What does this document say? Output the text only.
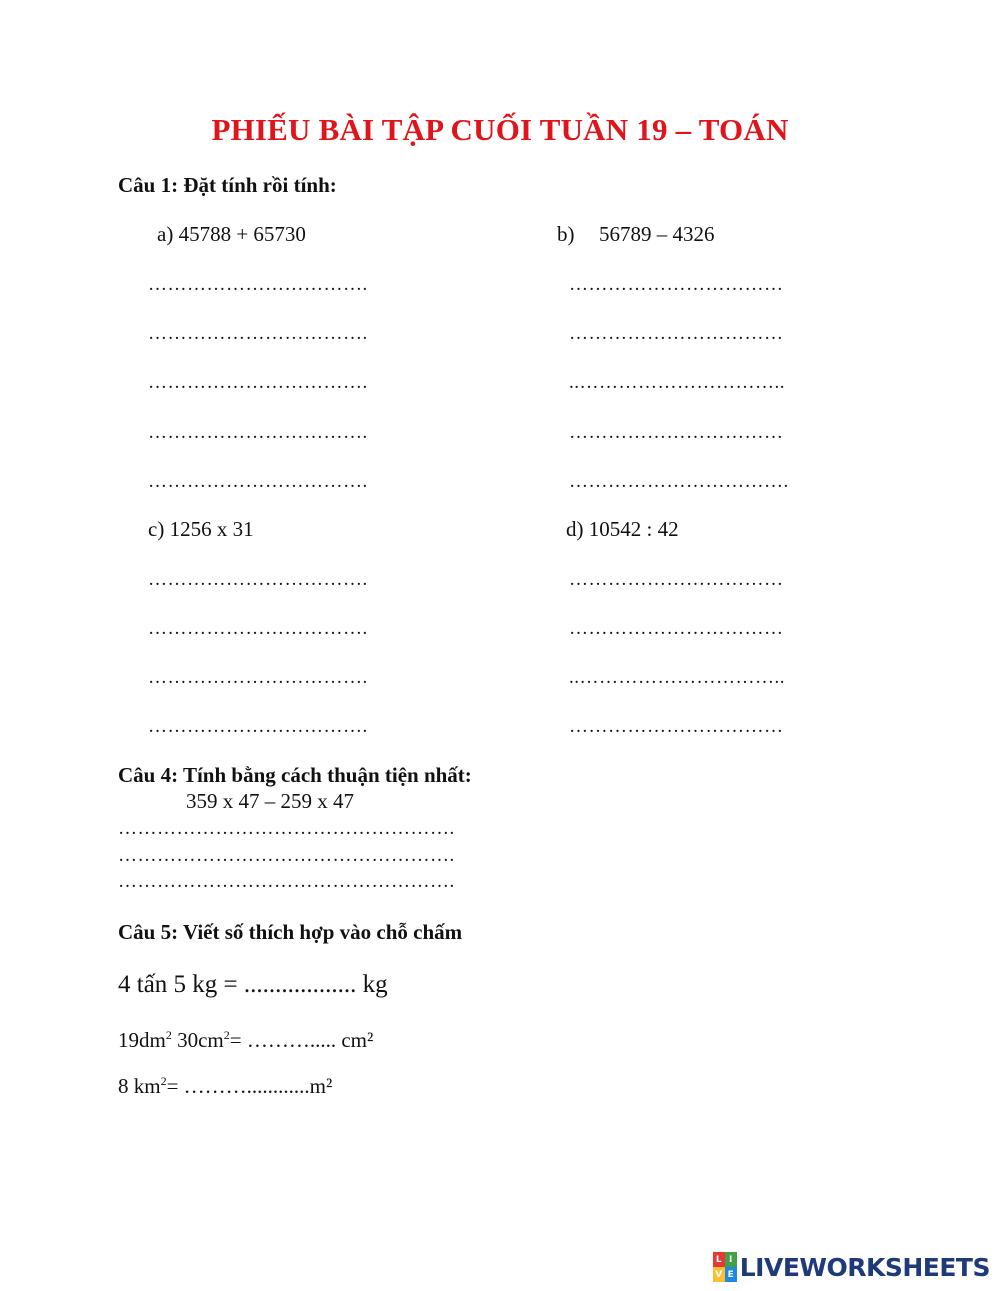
PHIẾU BÀI TẬP CUỐI TUẦN 19 – TOÁN
Câu 1: Đặt tính rồi tính:
a) 45788 + 65730	b) 56789 – 4326
…………………………….
…………………………….
…………………………….
…………………………….
…………………………….
……………………………
……………………………
..…………………………..
……………………………
…………………………….
c) 1256 x 31	d) 10542 : 42
…………………………….
…………………………….
…………………………….
…………………………….
……………………………
……………………………
..…………………………..
……………………………
Câu 4: Tính bằng cách thuận tiện nhất:
359 x 47 – 259 x 47
…………………………………………….
…………………………………………….
…………………………………………….
Câu 5: Viết số thích hợp vào chỗ chấm
4 tấn 5 kg = .................. kg
$19dm^2$ $30cm^2=$ ………..... cm²
8 $km^2=$ ………............m²
L I
V E LIVEWORKSHEETS
